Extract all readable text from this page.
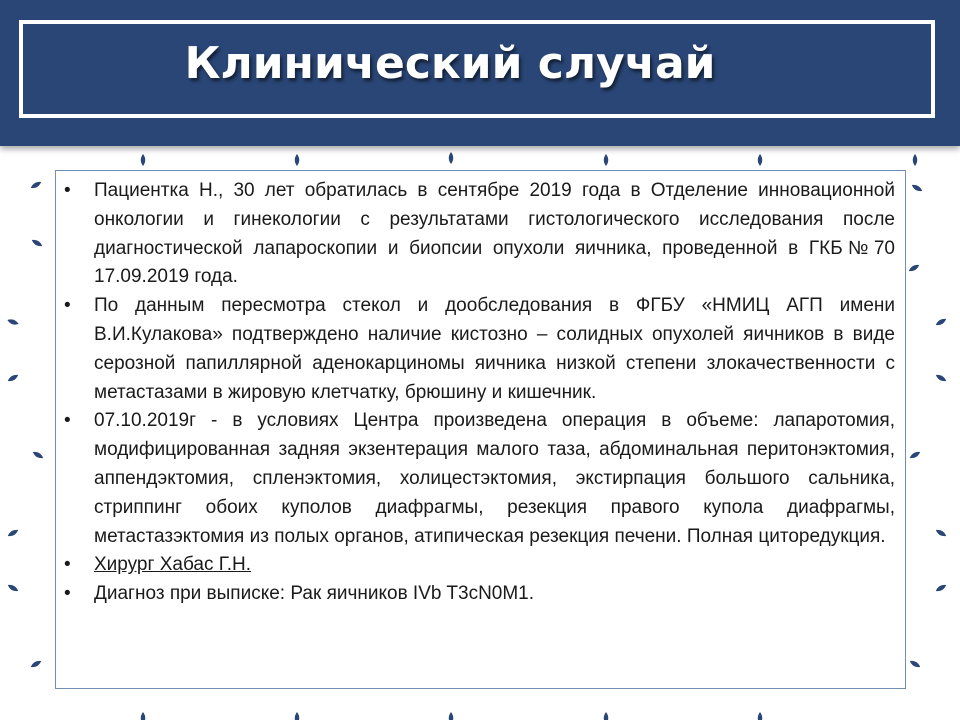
Клинический случай
• Пациентка Н., 30 лет обратилась в сентябре 2019 года в Отделение инновационной онкологии и гинекологии с результатами гистологического исследования после диагностической лапароскопии и биопсии опухоли яичника, проведенной в ГКБ№70 17.09.2019 года.
• По данным пересмотра стекол и дообследования в ФГБУ «НМИЦ АГП имени В.И.Кулакова» подтверждено наличие кистозно – солидных опухолей яичников в виде серозной папиллярной аденокарциномы яичника низкой степени злокачественности с метастазами в жировую клетчатку, брюшину и кишечник.
• 07.10.2019г - в условиях Центра произведена операция в объеме: лапаротомия, модифицированная задняя экзентерация малого таза, абдоминальная перитонэктомия, аппендэктомия, спленэктомия, холицестэктомия, экстирпация большого сальника, стриппинг обоих куполов диафрагмы, резекция правого купола диафрагмы, метастазэктомия из полых органов, атипическая резекция печени. Полная циторедукция.
• Хирург Хабас Г.Н.
• Диагноз при выписке: Рак яичников IVb T3cN0M1.
